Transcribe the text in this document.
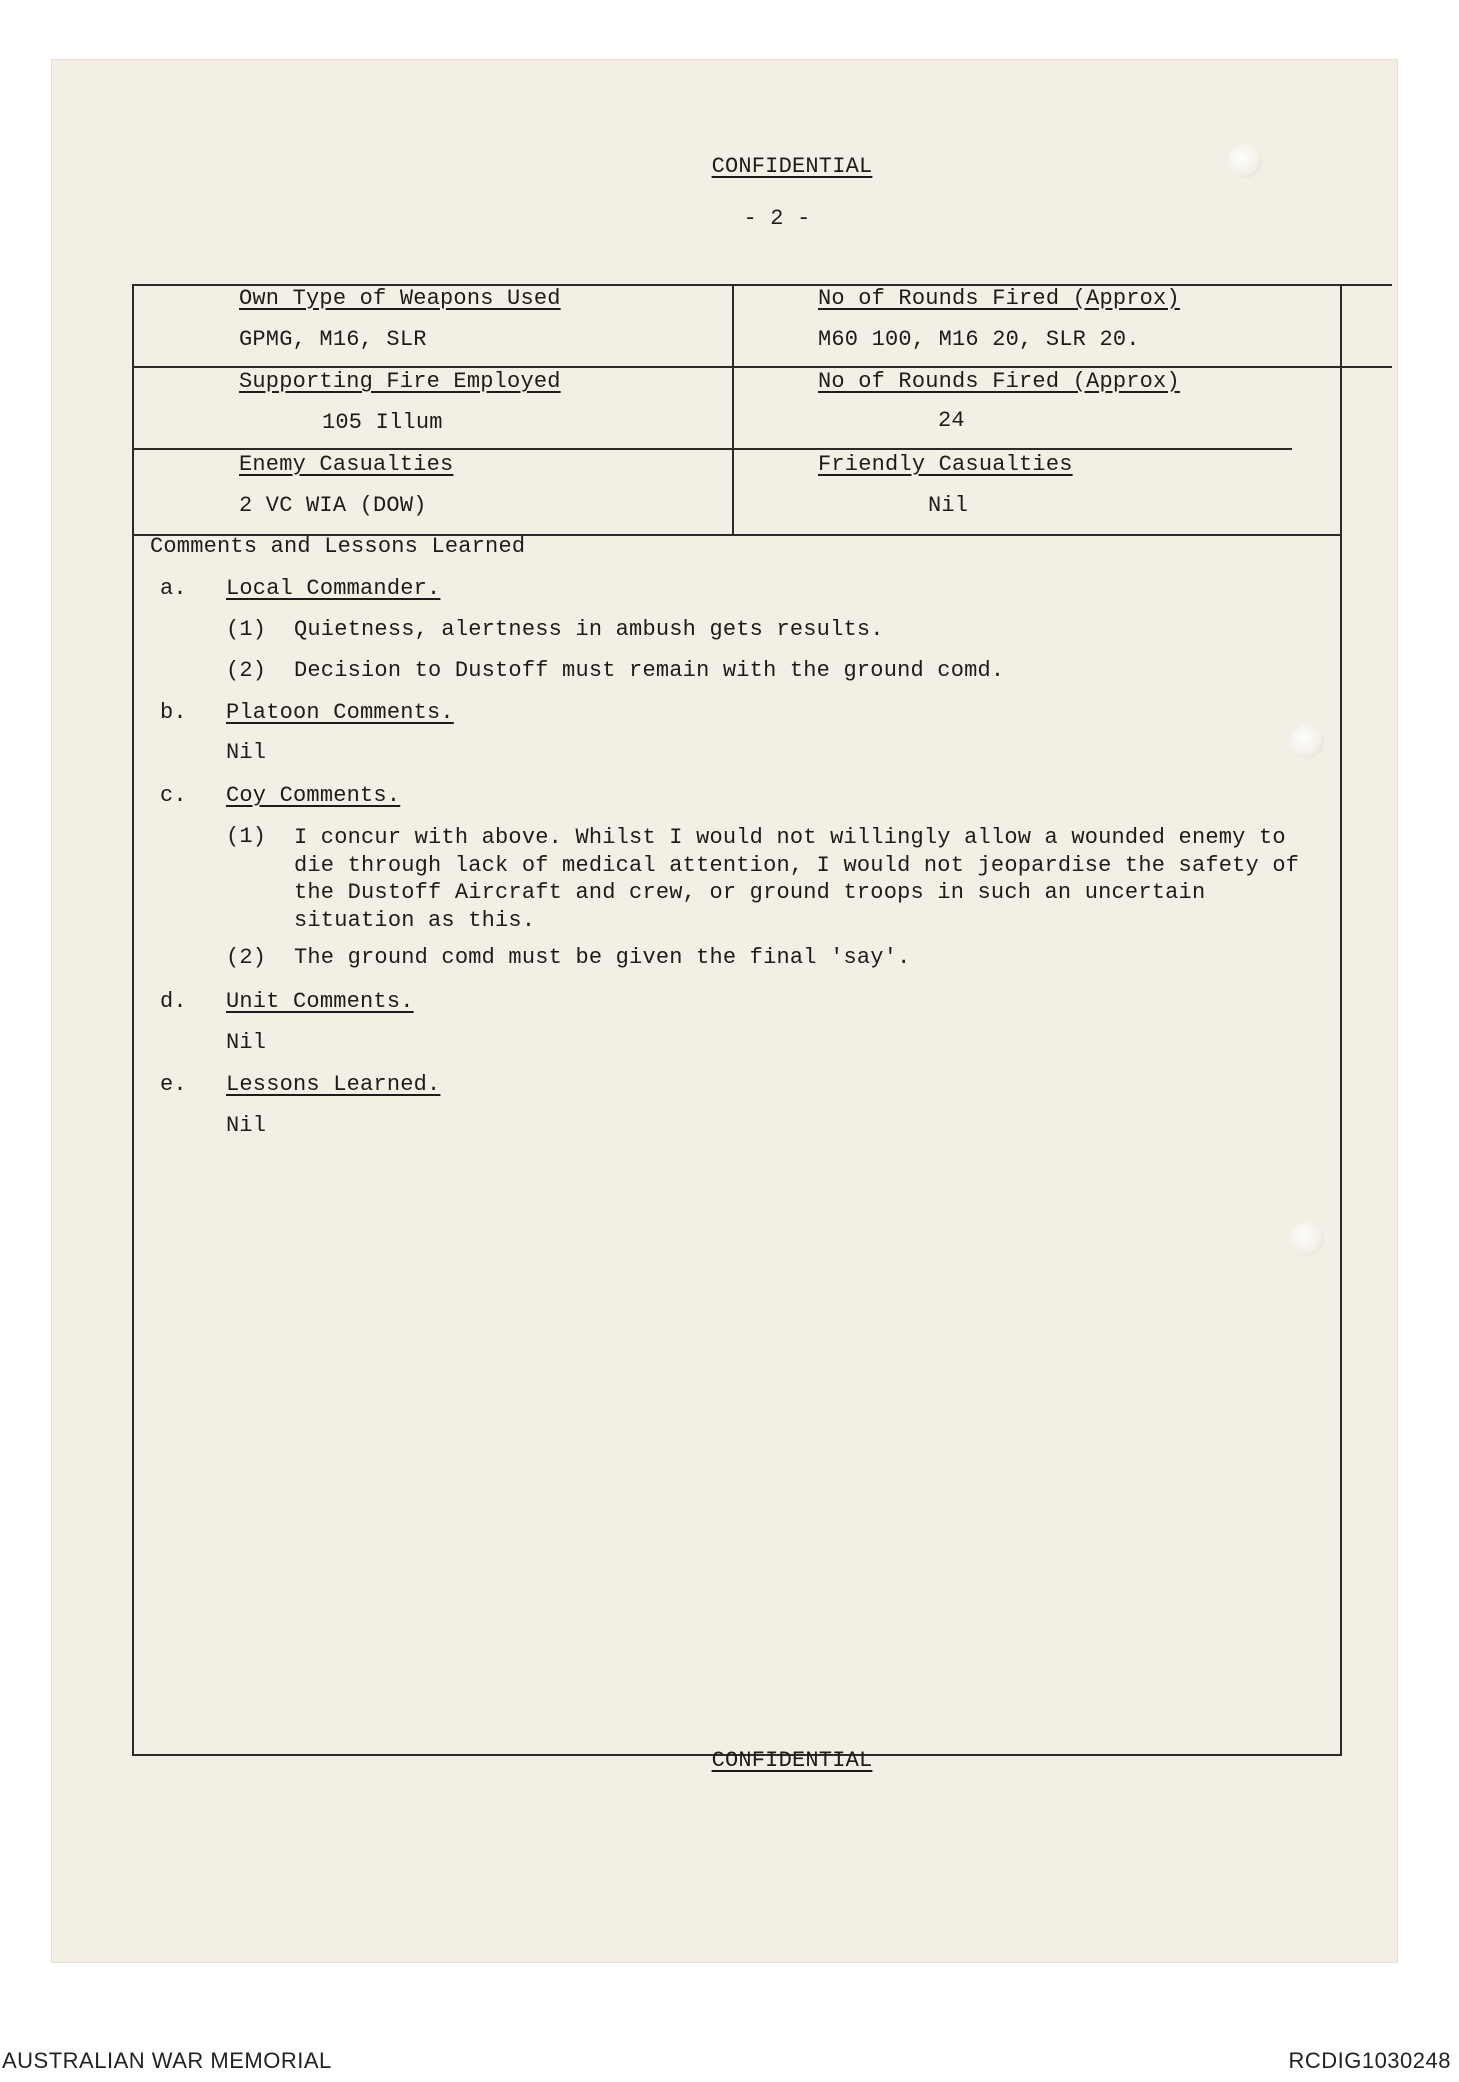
CONFIDENTIAL
- 2 -
Own Type of Weapons Used
GPMG, M16, SLR
No of Rounds Fired (Approx)
M60 100, M16 20, SLR 20.
Supporting Fire Employed
105 Illum
No of Rounds Fired (Approx)
24
Enemy Casualties
2 VC WIA (DOW)
Friendly Casualties
Nil
Comments and Lessons Learned
a. Local Commander.
(1) Quietness, alertness in ambush gets results.
(2) Decision to Dustoff must remain with the ground comd.
b. Platoon Comments.
Nil
c. Coy Comments.
(1) I concur with above. Whilst I would not willingly allow a wounded enemy to die through lack of medical attention, I would not jeopardise the safety of the Dustoff Aircraft and crew, or ground troops in such an uncertain situation as this.
(2) The ground comd must be given the final 'say'.
d. Unit Comments.
Nil
e. Lessons Learned.
Nil
CONFIDENTIAL
AUSTRALIAN WAR MEMORIAL	RCDIG1030248
